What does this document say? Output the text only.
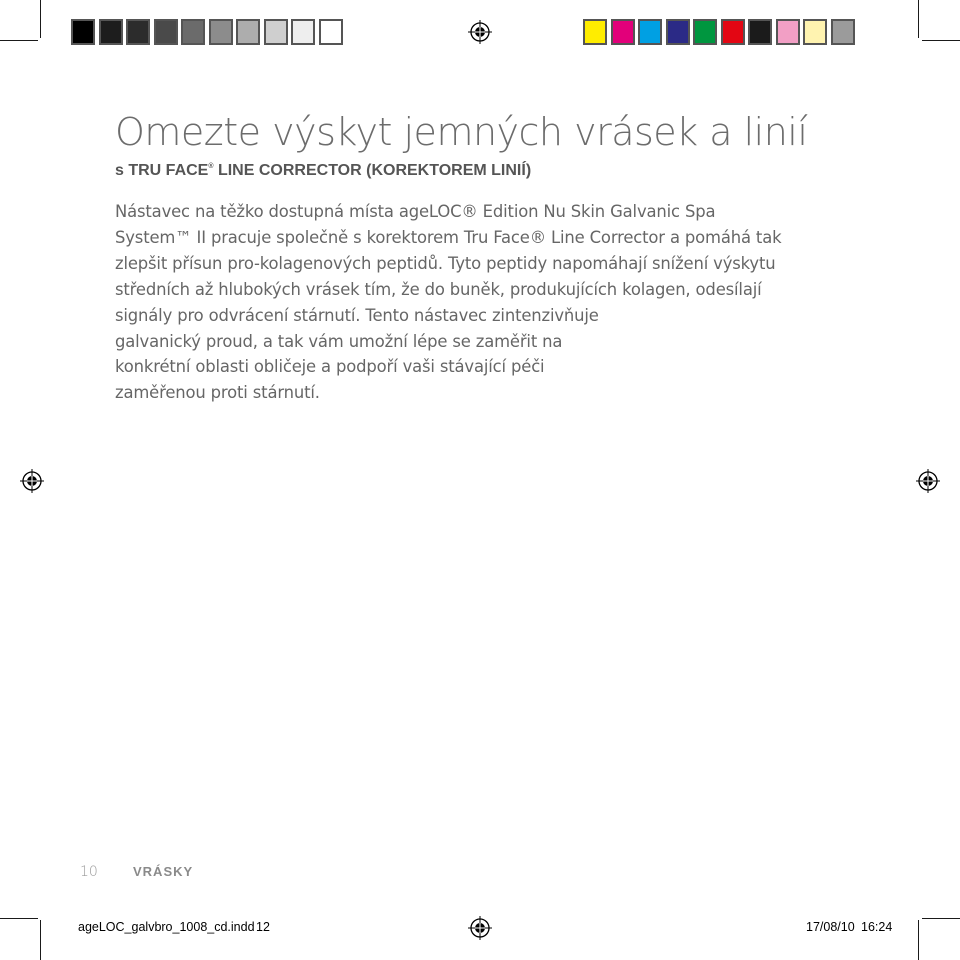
Omezte výskyt jemných vrásek a linií
s TRU FACE® LINE CORRECTOR (KOREKTOREM LINIÍ)
Nástavec na těžko dostupná místa ageLOC® Edition Nu Skin Galvanic Spa
System™ II pracuje společně s korektorem Tru Face® Line Corrector a pomáhá tak
zlepšit přísun pro-kolagenových peptidů. Tyto peptidy napomáhají snížení výskytu
středních až hlubokých vrásek tím, že do buněk, produkujících kolagen, odesílají
signály pro odvrácení stárnutí. Tento nástavec zintenzivňuje
galvanický proud, a tak vám umožní lépe se zaměřit na
konkrétní oblasti obličeje a podpoří vaši stávající péči
zaměřenou proti stárnutí.
10	VRÁSKY
ageLOC_galvbro_1008_cd.indd 12	17/08/10 16:24
